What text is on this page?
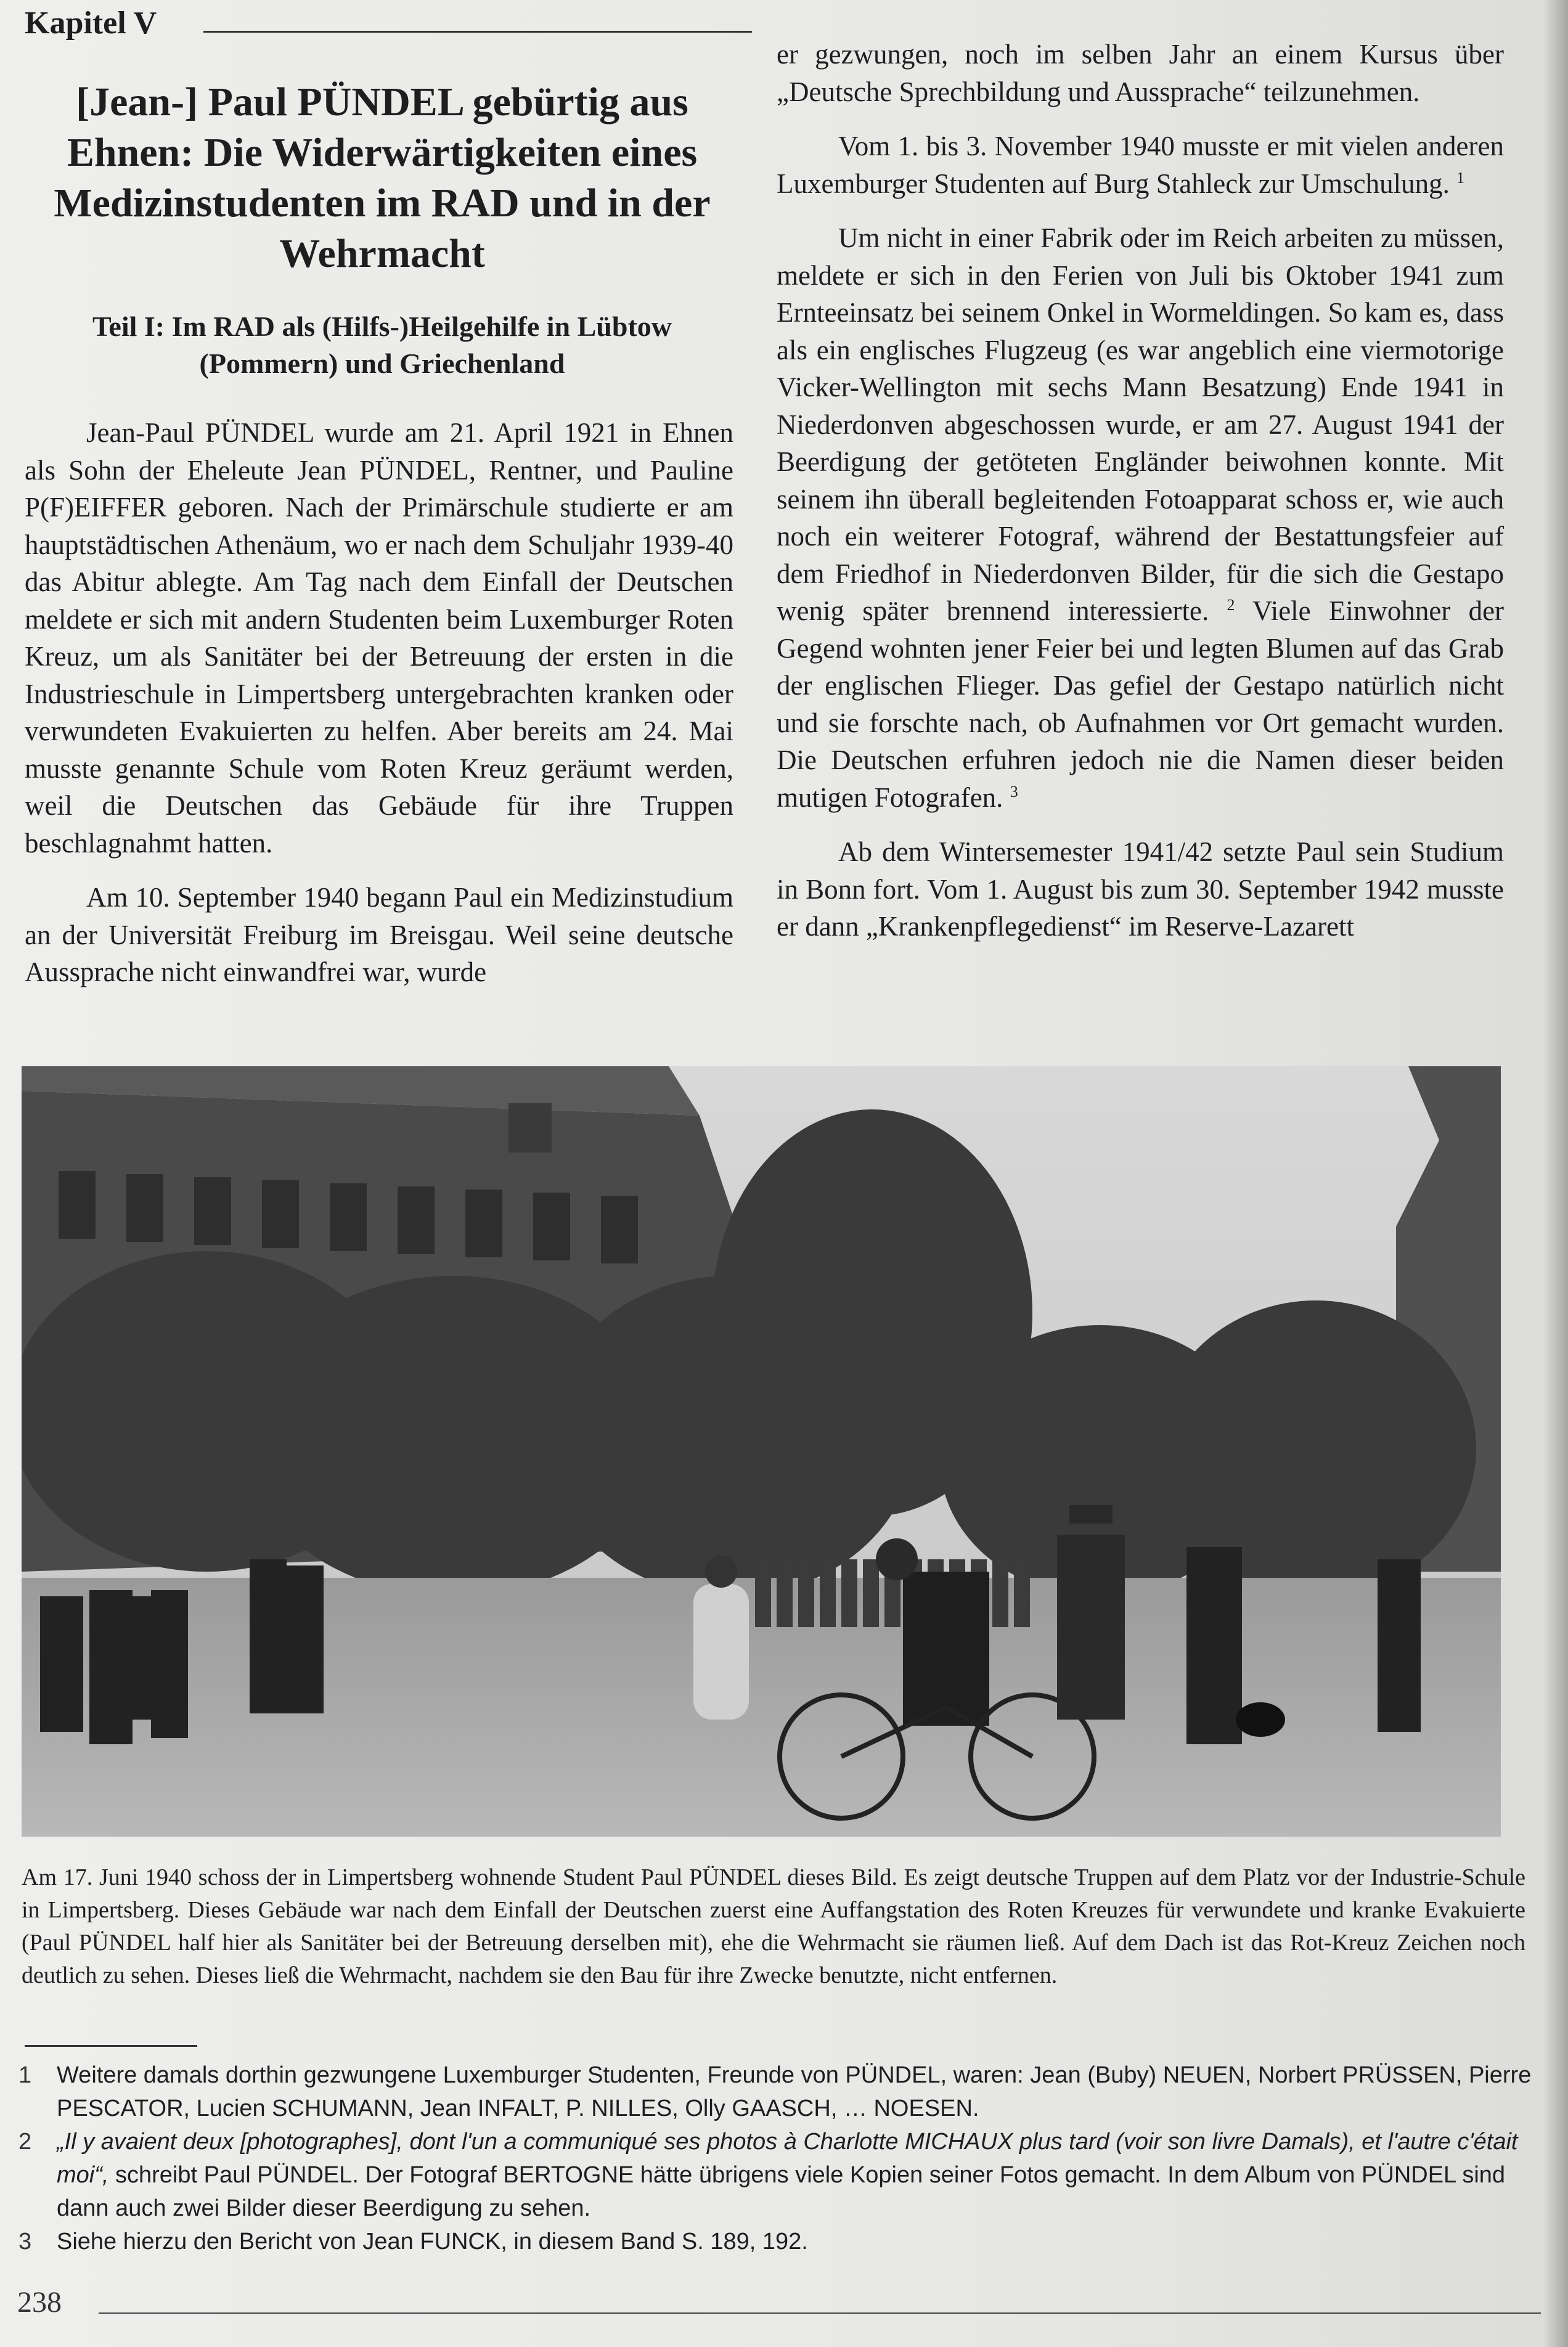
Kapitel V
[Jean-] Paul PÜNDEL gebürtig aus Ehnen: Die Widerwärtigkeiten eines Medizinstudenten im RAD und in der Wehrmacht
Teil I: Im RAD als (Hilfs-)Heilgehilfe in Lübtow (Pommern) und Griechenland

Jean-Paul PÜNDEL wurde am 21. April 1921 in Ehnen als Sohn der Eheleute Jean PÜNDEL, Rentner, und Pauline P(F)EIFFER geboren. Nach der Primärschule studierte er am hauptstädtischen Athenäum, wo er nach dem Schuljahr 1939-40 das Abitur ablegte. Am Tag nach dem Einfall der Deutschen meldete er sich mit andern Studenten beim Luxemburger Roten Kreuz, um als Sanitäter bei der Betreuung der ersten in die Industrieschule in Limpertsberg untergebrachten kranken oder verwundeten Evakuierten zu helfen. Aber bereits am 24. Mai musste genannte Schule vom Roten Kreuz geräumt werden, weil die Deutschen das Gebäude für ihre Truppen beschlagnahmt hatten.

Am 10. September 1940 begann Paul ein Medizinstudium an der Universität Freiburg im Breisgau. Weil seine deutsche Aussprache nicht einwandfrei war, wurde

er gezwungen, noch im selben Jahr an einem Kursus über „Deutsche Sprechbildung und Aussprache“ teilzunehmen.

Vom 1. bis 3. November 1940 musste er mit vielen anderen Luxemburger Studenten auf Burg Stahleck zur Umschulung. $^1$

Um nicht in einer Fabrik oder im Reich arbeiten zu müssen, meldete er sich in den Ferien von Juli bis Oktober 1941 zum Ernteeinsatz bei seinem Onkel in Wormeldingen. So kam es, dass als ein englisches Flugzeug (es war angeblich eine viermotorige Vicker-Wellington mit sechs Mann Besatzung) Ende 1941 in Niederdonven abgeschossen wurde, er am 27. August 1941 der Beerdigung der getöteten Engländer beiwohnen konnte. Mit seinem ihn überall begleitenden Fotoapparat schoss er, wie auch noch ein weiterer Fotograf, während der Bestattungsfeier auf dem Friedhof in Niederdonven Bilder, für die sich die Gestapo wenig später brennend interessierte. $^2$ Viele Einwohner der Gegend wohnten jener Feier bei und legten Blumen auf das Grab der englischen Flieger. Das gefiel der Gestapo natürlich nicht und sie forschte nach, ob Aufnahmen vor Ort gemacht wurden. Die Deutschen erfuhren jedoch nie die Namen dieser beiden mutigen Fotografen. $^3$

Ab dem Wintersemester 1941/42 setzte Paul sein Studium in Bonn fort. Vom 1. August bis zum 30. September 1942 musste er dann „Krankenpflegedienst“ im Reserve-Lazarett

Am 17. Juni 1940 schoss der in Limpertsberg wohnende Student Paul PÜNDEL dieses Bild. Es zeigt deutsche Truppen auf dem Platz vor der Industrie-Schule in Limpertsberg. Dieses Gebäude war nach dem Einfall der Deutschen zuerst eine Auffangstation des Roten Kreuzes für verwundete und kranke Evakuierte (Paul PÜNDEL half hier als Sanitäter bei der Betreuung derselben mit), ehe die Wehrmacht sie räumen ließ. Auf dem Dach ist das Rot-Kreuz Zeichen noch deutlich zu sehen. Dieses ließ die Wehrmacht, nachdem sie den Bau für ihre Zwecke benutzte, nicht entfernen.

1 Weitere damals dorthin gezwungene Luxemburger Studenten, Freunde von PÜNDEL, waren: Jean (Buby) NEUEN, Norbert PRÜSSEN, Pierre PESCATOR, Lucien SCHUMANN, Jean INFALT, P. NILLES, Olly GAASCH, … NOESEN.

2 „Il y avaient deux [photographes], dont l'un a communiqué ses photos à Charlotte MICHAUX plus tard (voir son livre Damals), et l'autre c'était moi“, schreibt Paul PÜNDEL. Der Fotograf BERTOGNE hätte übrigens viele Kopien seiner Fotos gemacht. In dem Album von PÜNDEL sind dann auch zwei Bilder dieser Beerdigung zu sehen.

3 Siehe hierzu den Bericht von Jean FUNCK, in diesem Band S. 189, 192.

238
